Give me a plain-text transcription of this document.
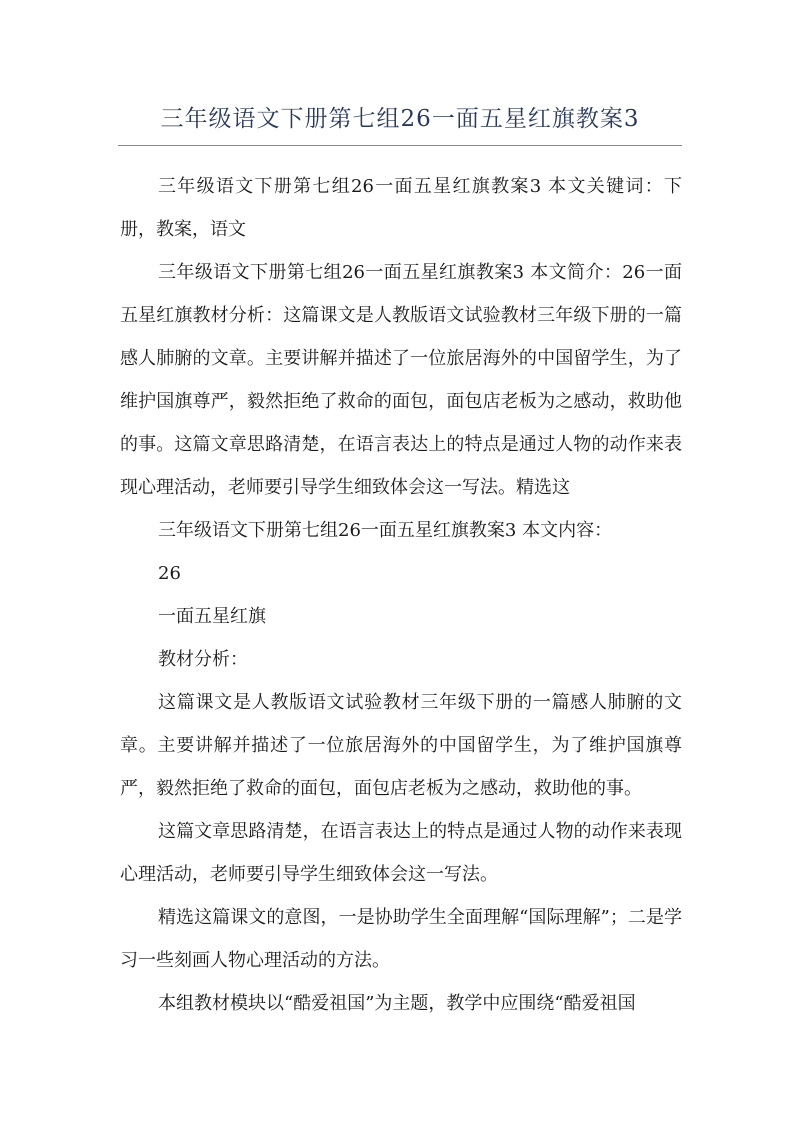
三年级语文下册第七组26一面五星红旗教案3

三年级语文下册第七组26一面五星红旗教案3 本文关键词：下册，教案，语文

三年级语文下册第七组26一面五星红旗教案3 本文简介：26一面五星红旗教材分析：这篇课文是人教版语文试验教材三年级下册的一篇感人肺腑的文章。主要讲解并描述了一位旅居海外的中国留学生，为了维护国旗尊严，毅然拒绝了救命的面包，面包店老板为之感动，救助他的事。这篇文章思路清楚，在语言表达上的特点是通过人物的动作来表现心理活动，老师要引导学生细致体会这一写法。精选这

三年级语文下册第七组26一面五星红旗教案3 本文内容：

26

一面五星红旗

教材分析：

这篇课文是人教版语文试验教材三年级下册的一篇感人肺腑的文章。主要讲解并描述了一位旅居海外的中国留学生，为了维护国旗尊严，毅然拒绝了救命的面包，面包店老板为之感动，救助他的事。

这篇文章思路清楚，在语言表达上的特点是通过人物的动作来表现心理活动，老师要引导学生细致体会这一写法。

精选这篇课文的意图，一是协助学生全面理解“国际理解”；二是学习一些刻画人物心理活动的方法。

本组教材模块以“酷爱祖国”为主题，教学中应围绕“酷爱祖国
